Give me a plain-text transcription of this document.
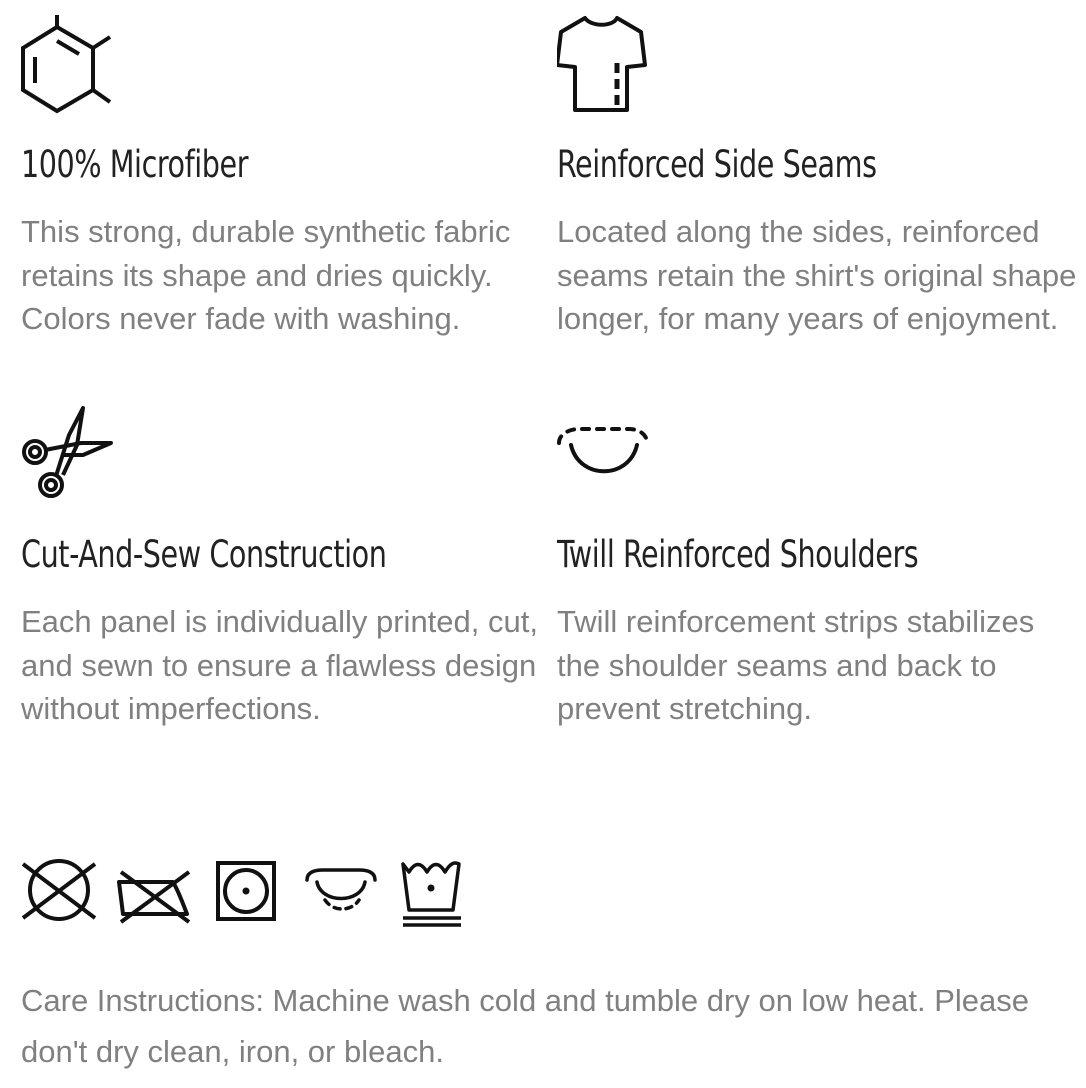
100% Microfiber

This strong, durable synthetic fabric retains its shape and dries quickly. Colors never fade with washing.

Reinforced Side Seams

Located along the sides, reinforced seams retain the shirt's original shape longer, for many years of enjoyment.

Cut-And-Sew Construction

Each panel is individually printed, cut, and sewn to ensure a flawless design without imperfections.

Twill Reinforced Shoulders

Twill reinforcement strips stabilizes the shoulder seams and back to prevent stretching.

Care Instructions: Machine wash cold and tumble dry on low heat. Please don't dry clean, iron, or bleach.
